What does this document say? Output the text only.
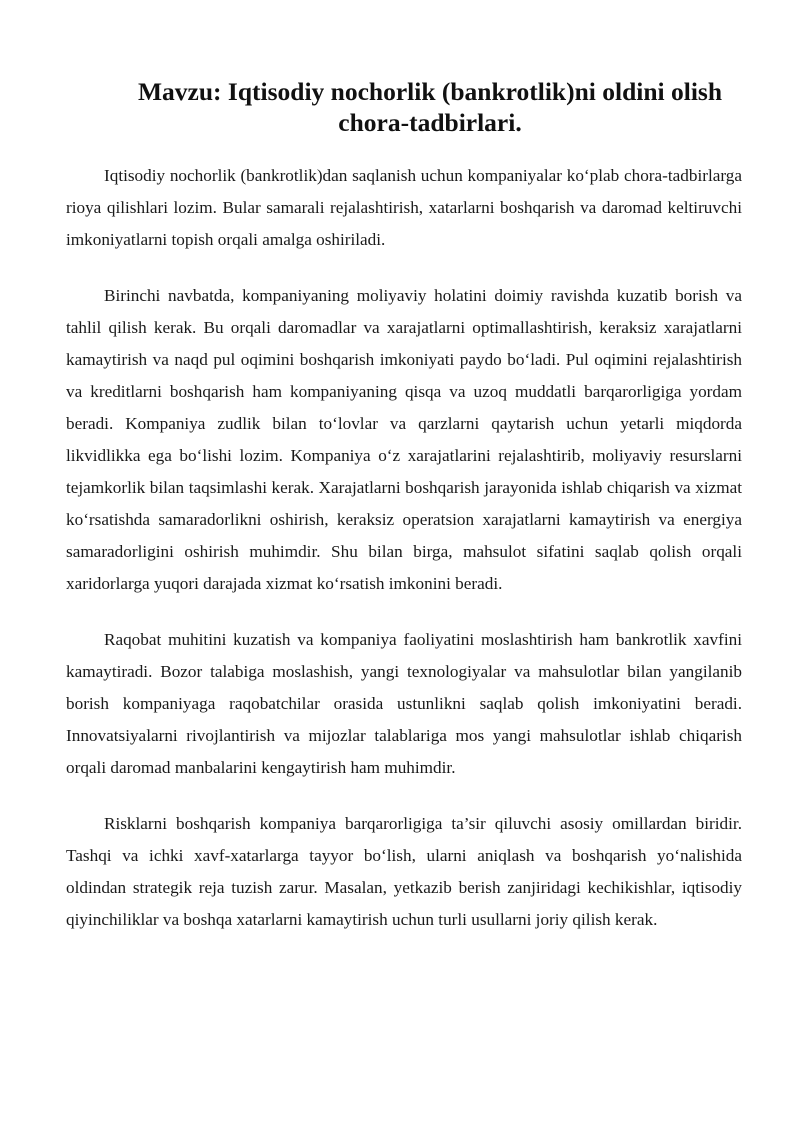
Mavzu: Iqtisodiy nochorlik (bankrotlik)ni oldini olish chora-tadbirlari.

Iqtisodiy nochorlik (bankrotlik)dan saqlanish uchun kompaniyalar ko‘plab chora-tadbirlarga rioya qilishlari lozim. Bular samarali rejalashtirish, xatarlarni boshqarish va daromad keltiruvchi imkoniyatlarni topish orqali amalga oshiriladi.

Birinchi navbatda, kompaniyaning moliyaviy holatini doimiy ravishda kuzatib borish va tahlil qilish kerak. Bu orqali daromadlar va xarajatlarni optimallashtirish, keraksiz xarajatlarni kamaytirish va naqd pul oqimini boshqarish imkoniyati paydo bo‘ladi. Pul oqimini rejalashtirish va kreditlarni boshqarish ham kompaniyaning qisqa va uzoq muddatli barqarorligiga yordam beradi. Kompaniya zudlik bilan to‘lovlar va qarzlarni qaytarish uchun yetarli miqdorda likvidlikka ega bo‘lishi lozim. Kompaniya o‘z xarajatlarini rejalashtirib, moliyaviy resurslarni tejamkorlik bilan taqsimlashi kerak. Xarajatlarni boshqarish jarayonida ishlab chiqarish va xizmat ko‘rsatishda samaradorlikni oshirish, keraksiz operatsion xarajatlarni kamaytirish va energiya samaradorligini oshirish muhimdir. Shu bilan birga, mahsulot sifatini saqlab qolish orqali xaridorlarga yuqori darajada xizmat ko‘rsatish imkonini beradi.

Raqobat muhitini kuzatish va kompaniya faoliyatini moslashtirish ham bankrotlik xavfini kamaytiradi. Bozor talabiga moslashish, yangi texnologiyalar va mahsulotlar bilan yangilanib borish kompaniyaga raqobatchilar orasida ustunlikni saqlab qolish imkoniyatini beradi. Innovatsiyalarni rivojlantirish va mijozlar talablariga mos yangi mahsulotlar ishlab chiqarish orqali daromad manbalarini kengaytirish ham muhimdir.

Risklarni boshqarish kompaniya barqarorligiga ta’sir qiluvchi asosiy omillardan biridir. Tashqi va ichki xavf-xatarlarga tayyor bo‘lish, ularni aniqlash va boshqarish yo‘nalishida oldindan strategik reja tuzish zarur. Masalan, yetkazib berish zanjiridagi kechikishlar, iqtisodiy qiyinchiliklar va boshqa xatarlarni kamaytirish uchun turli usullarni joriy qilish kerak.
